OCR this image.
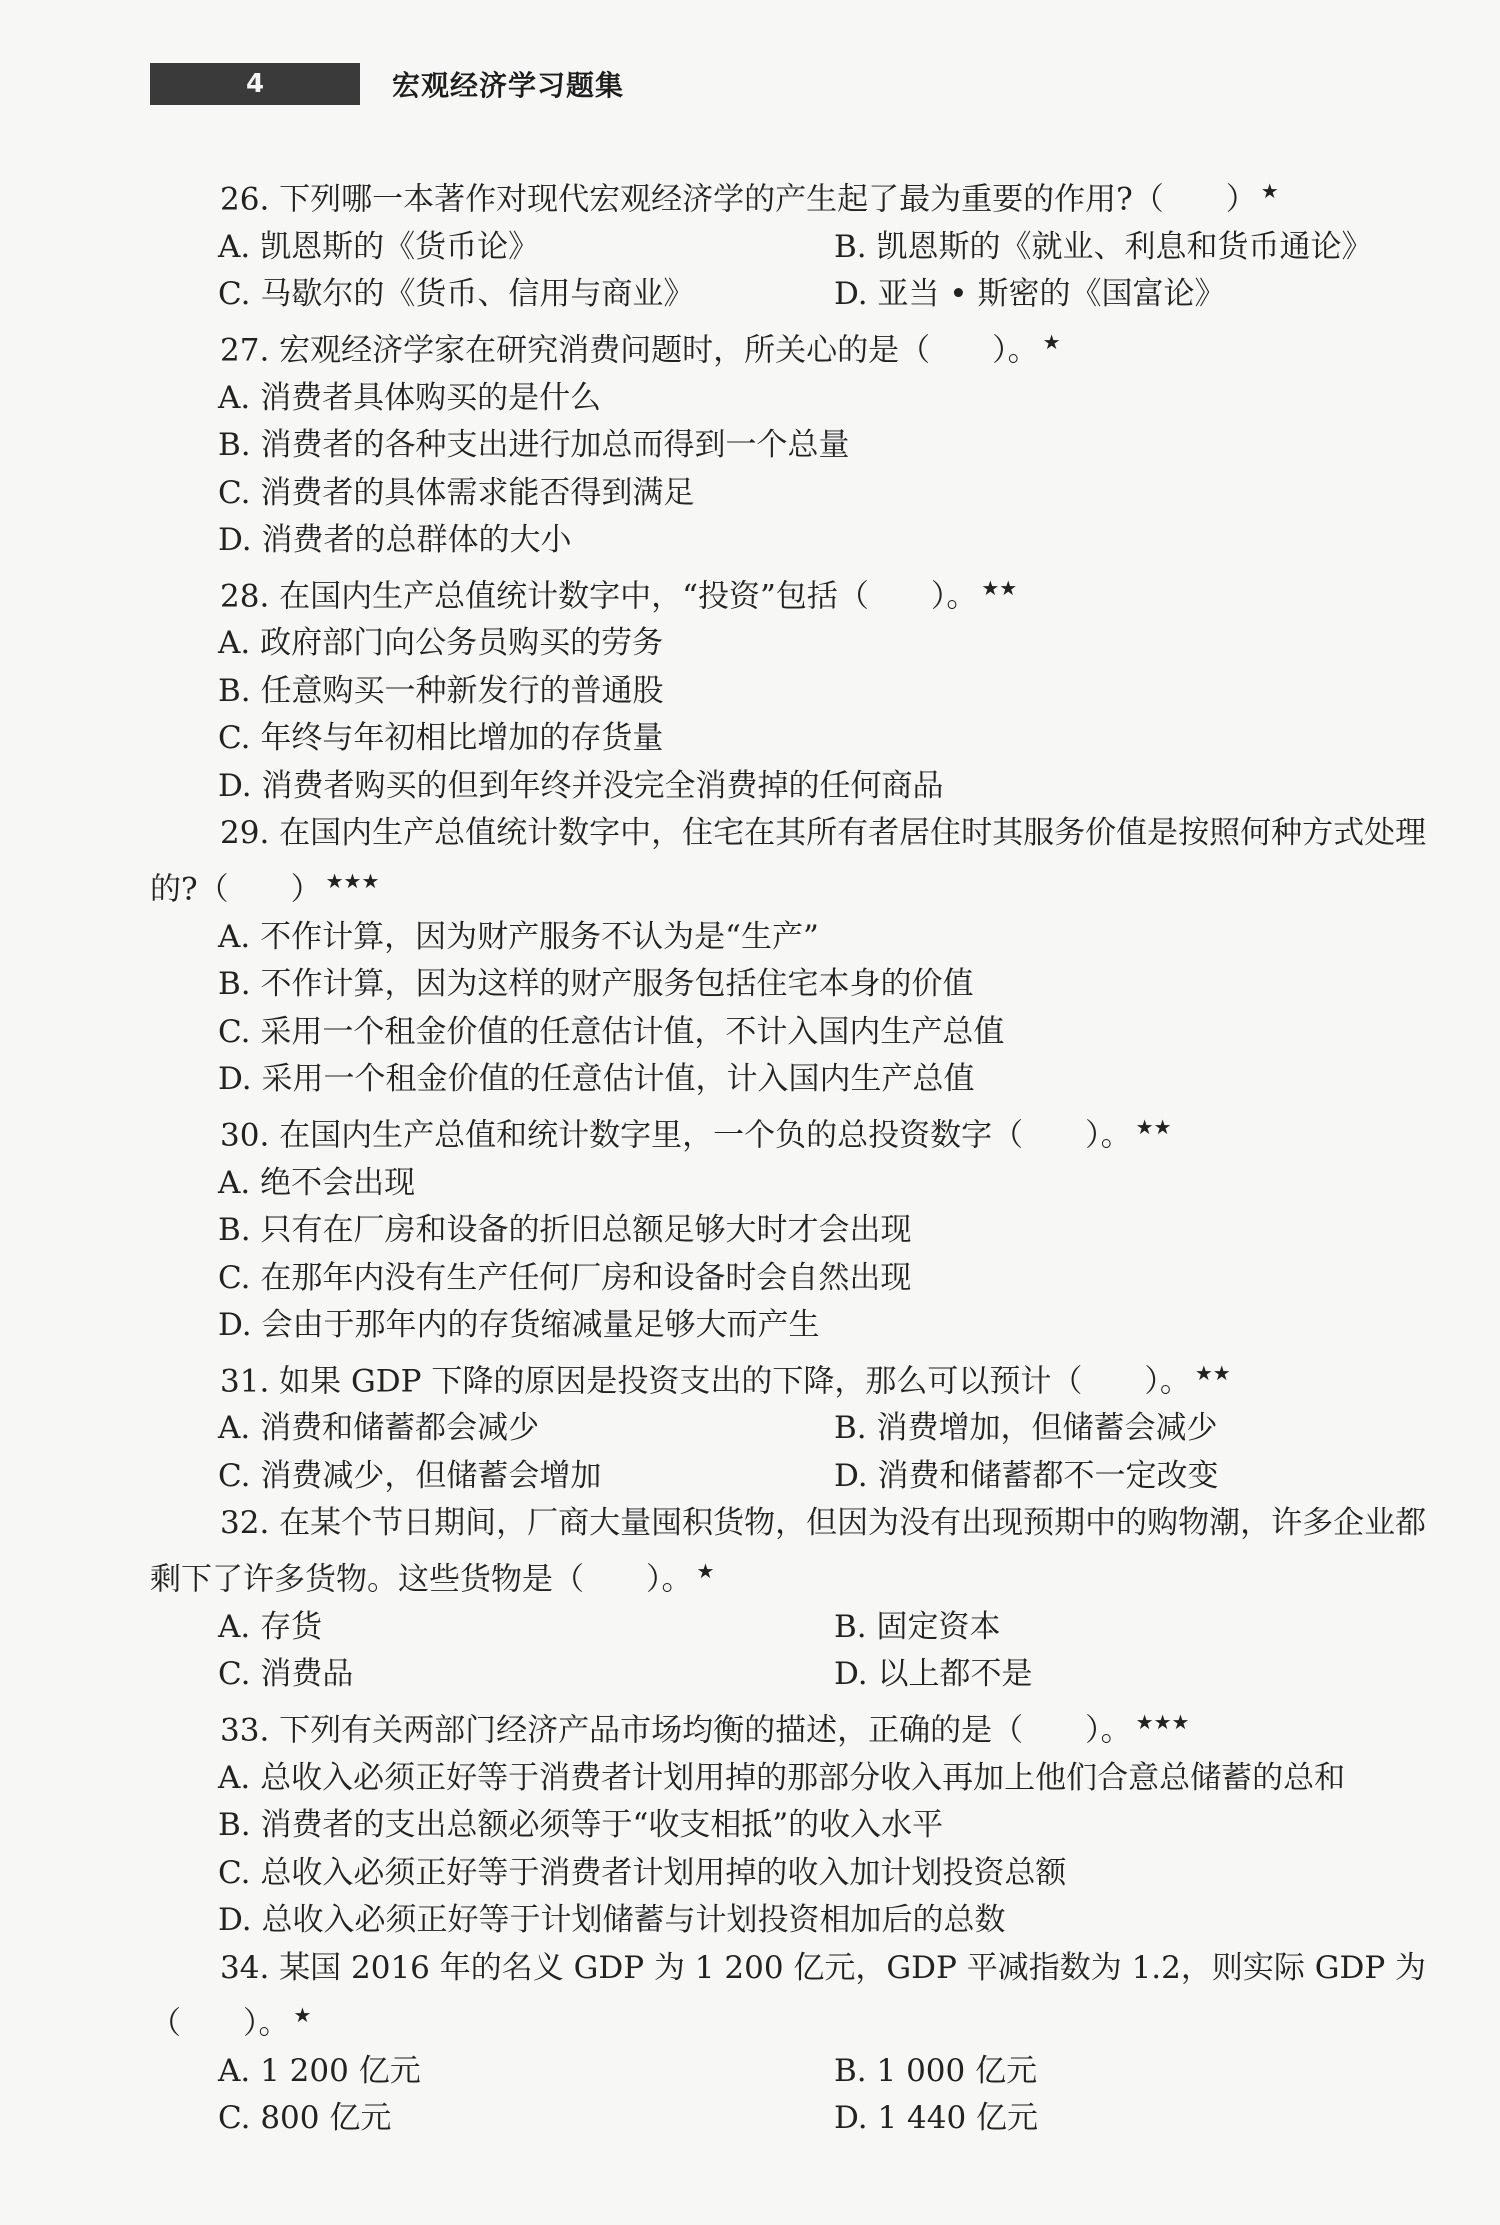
4	宏观经济学习题集
26. 下列哪一本著作对现代宏观经济学的产生起了最为重要的作用?（　　） ★
A. 凯恩斯的《货币论》	B. 凯恩斯的《就业、利息和货币通论》
C. 马歇尔的《货币、信用与商业》	D. 亚当 • 斯密的《国富论》
27. 宏观经济学家在研究消费问题时，所关心的是（　　）。 ★
A. 消费者具体购买的是什么
B. 消费者的各种支出进行加总而得到一个总量
C. 消费者的具体需求能否得到满足
D. 消费者的总群体的大小
28. 在国内生产总值统计数字中，“投资”包括（　　）。 ★★
A. 政府部门向公务员购买的劳务
B. 任意购买一种新发行的普通股
C. 年终与年初相比增加的存货量
D. 消费者购买的但到年终并没完全消费掉的任何商品
29. 在国内生产总值统计数字中，住宅在其所有者居住时其服务价值是按照何种方式处理的?（　　） ★★★
A. 不作计算，因为财产服务不认为是“生产”
B. 不作计算，因为这样的财产服务包括住宅本身的价值
C. 采用一个租金价值的任意估计值，不计入国内生产总值
D. 采用一个租金价值的任意估计值，计入国内生产总值
30. 在国内生产总值和统计数字里，一个负的总投资数字（　　）。 ★★
A. 绝不会出现
B. 只有在厂房和设备的折旧总额足够大时才会出现
C. 在那年内没有生产任何厂房和设备时会自然出现
D. 会由于那年内的存货缩减量足够大而产生
31. 如果 GDP 下降的原因是投资支出的下降，那么可以预计（　　）。 ★★
A. 消费和储蓄都会减少	B. 消费增加，但储蓄会减少
C. 消费减少，但储蓄会增加	D. 消费和储蓄都不一定改变
32. 在某个节日期间，厂商大量囤积货物，但因为没有出现预期中的购物潮，许多企业都剩下了许多货物。这些货物是（　　）。 ★
A. 存货	B. 固定资本
C. 消费品	D. 以上都不是
33. 下列有关两部门经济产品市场均衡的描述，正确的是（　　）。 ★★★
A. 总收入必须正好等于消费者计划用掉的那部分收入再加上他们合意总储蓄的总和
B. 消费者的支出总额必须等于“收支相抵”的收入水平
C. 总收入必须正好等于消费者计划用掉的收入加计划投资总额
D. 总收入必须正好等于计划储蓄与计划投资相加后的总数
34. 某国 2016 年的名义 GDP 为 1 200 亿元，GDP 平减指数为 1.2，则实际 GDP 为（　　）。 ★
A. 1 200 亿元	B. 1 000 亿元
C. 800 亿元	D. 1 440 亿元
